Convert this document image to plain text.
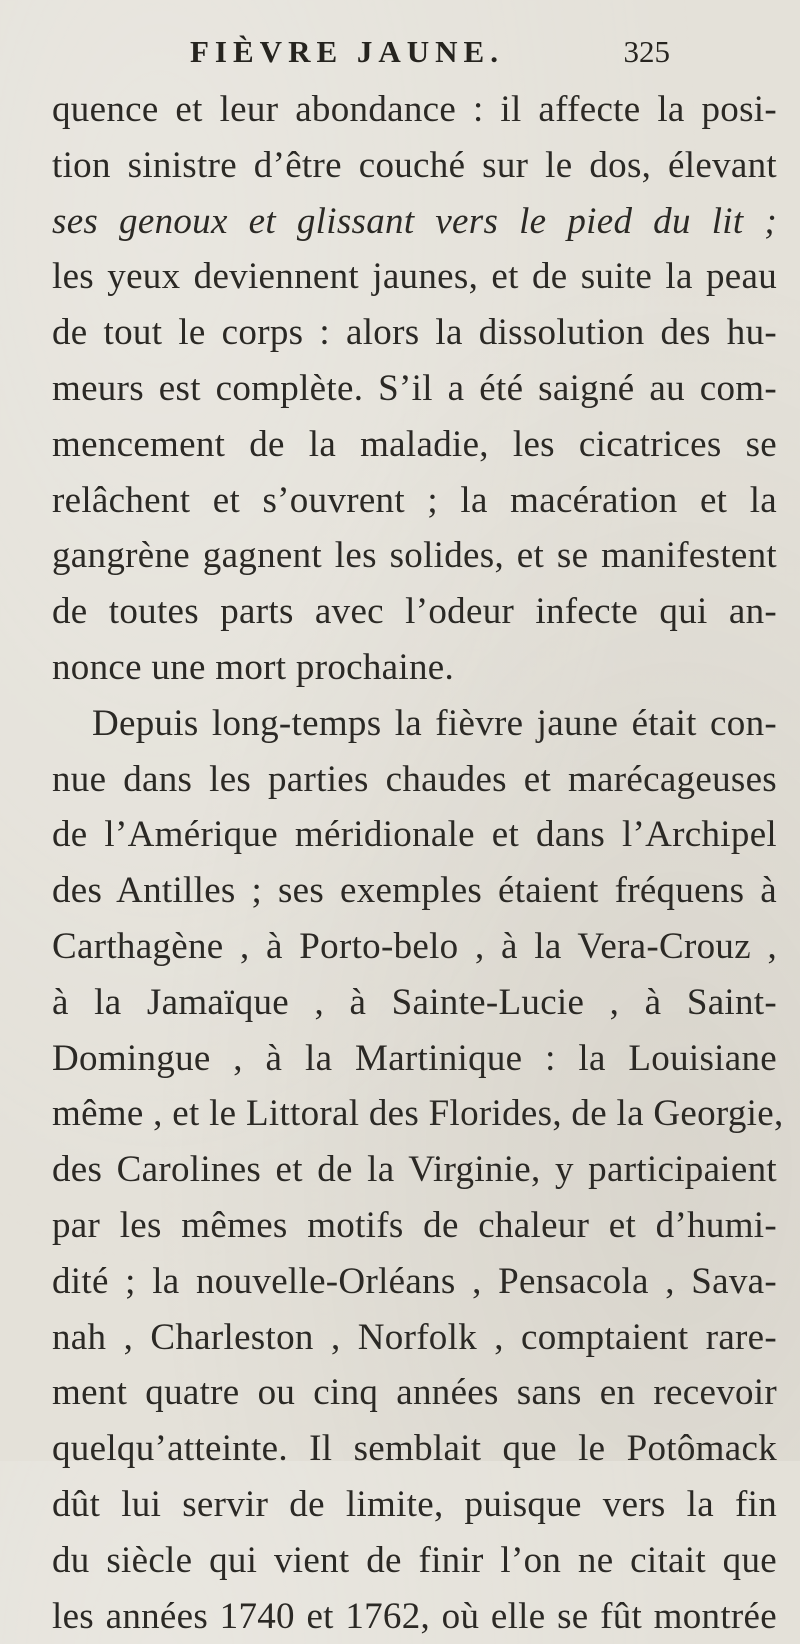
FIÈVRE JAUNE.	325
quence et leur abondance : il affecte la posi-
tion sinistre d’être couché sur le dos, élevant
ses genoux et glissant vers le pied du lit ;
les yeux deviennent jaunes, et de suite la peau
de tout le corps : alors la dissolution des hu-
meurs est complète. S’il a été saigné au com-
mencement de la maladie, les cicatrices se
relâchent et s’ouvrent ; la macération et la
gangrène gagnent les solides, et se manifestent
de toutes parts avec l’odeur infecte qui an-
nonce une mort prochaine.
Depuis long-temps la fièvre jaune était con-
nue dans les parties chaudes et marécageuses
de l’Amérique méridionale et dans l’Archipel
des Antilles ; ses exemples étaient fréquens à
Carthagène , à Porto-belo , à la Vera-Crouz ,
à la Jamaïque , à Sainte-Lucie , à Saint-
Domingue , à la Martinique : la Louisiane
même , et le Littoral des Florides, de la Georgie,
des Carolines et de la Virginie, y participaient
par les mêmes motifs de chaleur et d’humi-
dité ; la nouvelle-Orléans , Pensacola , Sava-
nah , Charleston , Norfolk , comptaient rare-
ment quatre ou cinq années sans en recevoir
quelqu’atteinte. Il semblait que le Potômack
dût lui servir de limite, puisque vers la fin
du siècle qui vient de finir l’on ne citait que
les années 1740 et 1762, où elle se fût montrée
